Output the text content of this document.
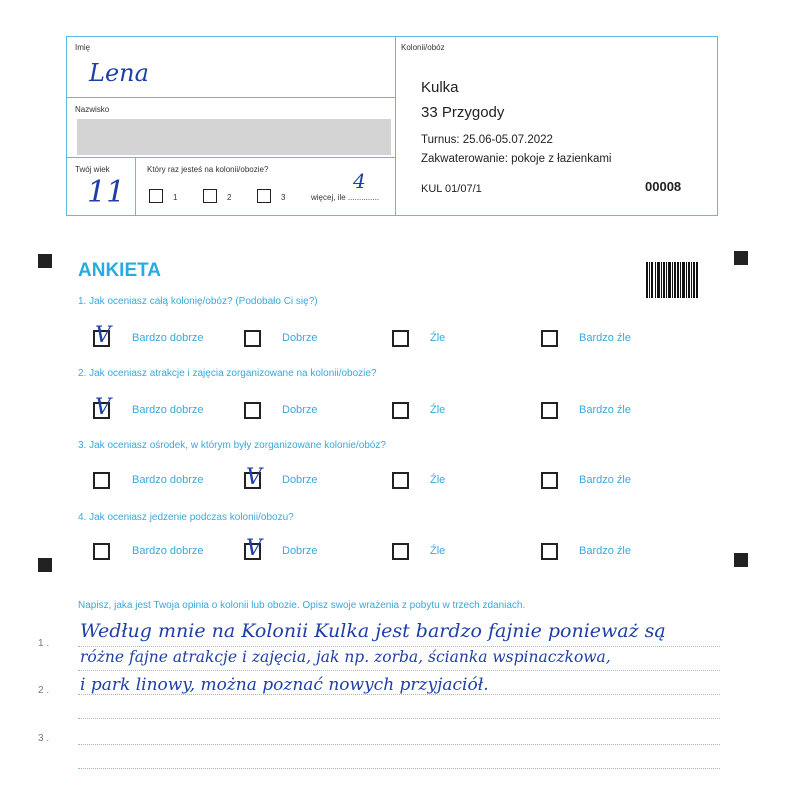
Imię
Lena
Nazwisko
Twój wiek
11
Który raz jesteś na kolonii/obozie?
1	2	3	więcej, ile ..............
4
Kolonii/obóz
Kulka
33 Przygody
Turnus: 25.06-05.07.2022
Zakwaterowanie: pokoje z łazienkami
KUL 01/07/1	00008
ANKIETA
1. Jak oceniasz całą kolonię/obóz? (Podobało Ci się?)
V Bardzo dobrze	Dobrze	Źle	Bardzo źle
2. Jak oceniasz atrakcje i zajęcia zorganizowane na kolonii/obozie?
V Bardzo dobrze	Dobrze	Źle	Bardzo źle
3. Jak oceniasz ośrodek, w którym były zorganizowane kolonie/obóz?
Bardzo dobrze V Dobrze	Źle	Bardzo źle
4. Jak oceniasz jedzenie podczas kolonii/obozu?
Bardzo dobrze V Dobrze	Źle	Bardzo źle
Napisz, jaka jest Twoja opinia o kolonii lub obozie. Opisz swoje wrażenia z pobytu w trzech zdaniach.
1 .
2 .
3 .
Według mnie na Kolonii Kulka jest bardzo fajnie ponieważ są
różne fajne atrakcje i zajęcia, jak np. zorba, ścianka wspinaczkowa,
i park linowy, można poznać nowych przyjaciół.
